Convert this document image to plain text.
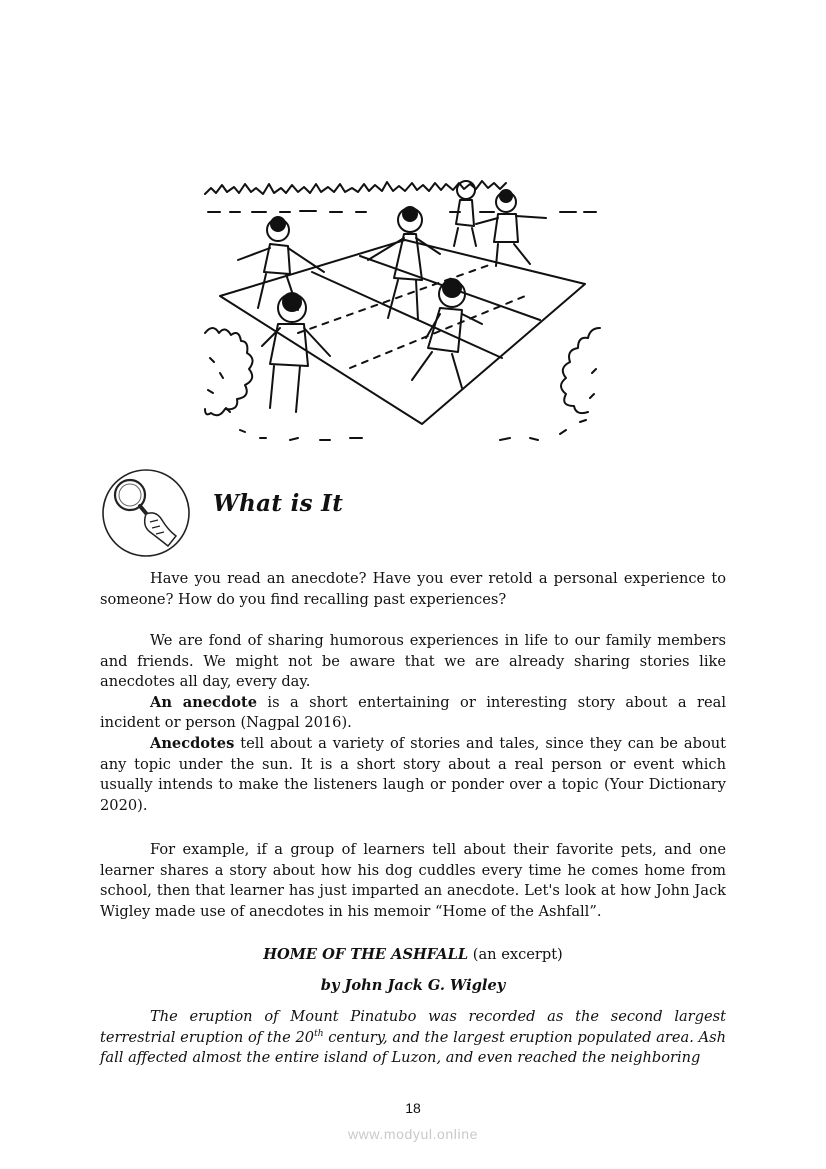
What is It

Have you read an anecdote? Have you ever retold a personal experience to someone? How do you find recalling past experiences?

We are fond of sharing humorous experiences in life to our family members and friends. We might not be aware that we are already sharing stories like anecdotes all day, every day.

An anecdote is a short entertaining or interesting story about a real incident or person (Nagpal 2016).

Anecdotes tell about a variety of stories and tales, since they can be about any topic under the sun. It is a short story about a real person or event which usually intends to make the listeners laugh or ponder over a topic (Your Dictionary 2020).

For example, if a group of learners tell about their favorite pets, and one learner shares a story about how his dog cuddles every time he comes home from school, then that learner has just imparted an anecdote. Let's look at how John Jack Wigley made use of anecdotes in his memoir “Home of the Ashfall”.

HOME OF THE ASHFALL (an excerpt)
by John Jack G. Wigley

The eruption of Mount Pinatubo was recorded as the second largest terrestrial eruption of the 20th century, and the largest eruption populated area. Ash fall affected almost the entire island of Luzon, and even reached the neighboring

18
www.modyul.online
